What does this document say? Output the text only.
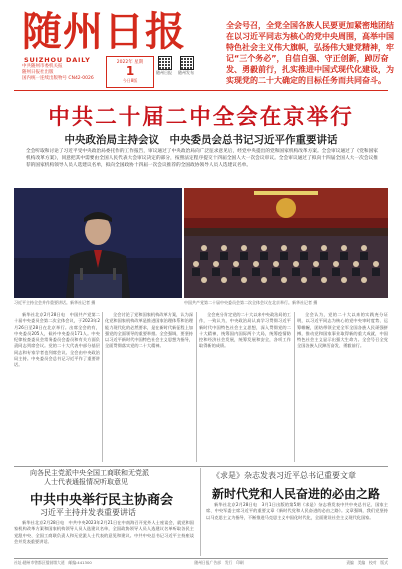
随州日报
SUIZHOU DAILY
中共随州市委机关报
随州日报社出版
国内统一连续出版物号 CN42-0026
2022年 星期
1
今日8版
随州日报 随州发布
全会号召，全党全国各族人民要更加紧密地团结在以习近平同志为核心的党中央周围，高举中国特色社会主义伟大旗帜，弘扬伟大建党精神，牢记“三个务必”，自信自强、守正创新，踔厉奋发、勇毅前行，扎实推进中国式现代化建设，为实现党的二十大确定的目标任务而共同奋斗。
中共二十届二中全会在京举行
中央政治局主持会议　中央委员会总书记习近平作重要讲话
全会听取和讨论了习近平受中央政治局委托作的工作报告，审议通过了中央政治局向广泛征求意见后，经党中央提出的党和国家机构改革方案。全会审议通过了《党和国家机构改革方案》，同意把其中需要由全国人民代表大会审议决定的部分，按照法定程序提交十四届全国人大一次会议审议。全会审议通过了拟向十四届全国人大一次会议推荐的国家机构领导人员人选建议名单，拟向全国政协十四届一次会议推荐的全国政协领导人员人选建议名单。
习近平主持全会并作重要讲话。新华社记者 摄	中国共产党第二十届中央委员会第二次全体会议在北京举行。新华社记者 摄

新华社北京2月28日电　中国共产党第二十届中央委员会第二次全体会议，于2023年2月26日至28日在北京举行。出席全会的有，中央委员205人，候补中央委员171人。中央纪律检查委员会常务委员会委员和有关方面负责同志列席会议。党的二十大代表中部分基层同志和专家学者也列席会议。全会由中央政治局主持。中央委员会总书记习近平作了重要讲话。

全会讨论了党和国家机构改革方案，认为深化党和国家机构改革是推进国家治理体系和治理能力现代化的必然要求，是在新时代新征程上加强党的全面领导的重要举措。全会强调，要坚持以习近平新时代中国特色社会主义思想为指导，全面贯彻落实党的二十大精神。

全会充分肯定党的二十大以来中央政治局的工作，一致认为，中央政治局认真学习贯彻习近平新时代中国特色社会主义思想，深入贯彻党的二十大精神，统筹国内国际两个大局，统筹疫情防控和经济社会发展，统筹发展和安全，各项工作取得新的成绩。

全会认为，党的二十大以来的实践充分证明，以习近平同志为核心的党中央审时度势、运筹帷幄，团结带领全党全军全国各族人民顽强拼搏，推动党和国家事业取得新的重大成就，中国特色社会主义显示出强大生命力。全会号召全党全国各族人民踔厉奋发、勇毅前行。

向各民主党派中央全国工商联和无党派
人士代表通报情况听取意见
中共中央举行民主协商会
习近平主持并发表重要讲话

新华社北京2月28日电　中共中央2023年2月21日在中南海召开党外人士座谈会，就党和国家机构改革方案和国家机构领导人员人选建议名单，全国政协领导人员人选建议名单听取各民主党派中央、全国工商联负责人和无党派人士代表的意见和建议。中共中央总书记习近平主持座谈会并发表重要讲话。

《求是》杂志发表习近平总书记重要文章
新时代党和人民奋进的必由之路

新华社北京2月28日电　3月1日出版的第5期《求是》杂志将发表中共中央总书记、国家主席、中央军委主席习近平的重要文章《新时代党和人民奋进的必由之路》。文章强调，我们党坚持以马克思主义为指导，不断推进马克思主义中国化时代化，全面建设社会主义现代化国家。

社址:随州市曾都区擂鼓墩大道　邮编:441300	随州日报广告部　发行　印刷	责编　美编　校对　版式
